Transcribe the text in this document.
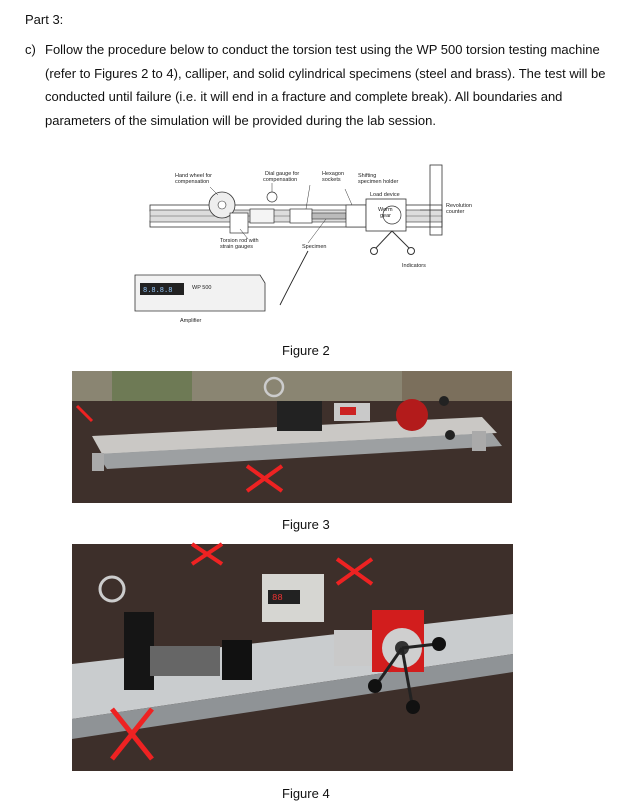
Part 3:
c) Follow the procedure below to conduct the torsion test using the WP 500 torsion testing machine (refer to Figures 2 to 4), calliper, and solid cylindrical specimens (steel and brass). The test will be conducted until failure (i.e. it will end in a fracture and complete break). All boundaries and parameters of the simulation will be provided during the lab session.
Hand wheel for
compensation
Dial gauge for
compensation
Hexagon
sockets
Shifting
specimen holder
Load device
Worm
gear
Revolution
counter
Torsion rod with
strain gauges	Specimen
Indicators
8.8.8.8	WP 500
Amplifier
Figure 2
Figure 3
88
Figure 4
